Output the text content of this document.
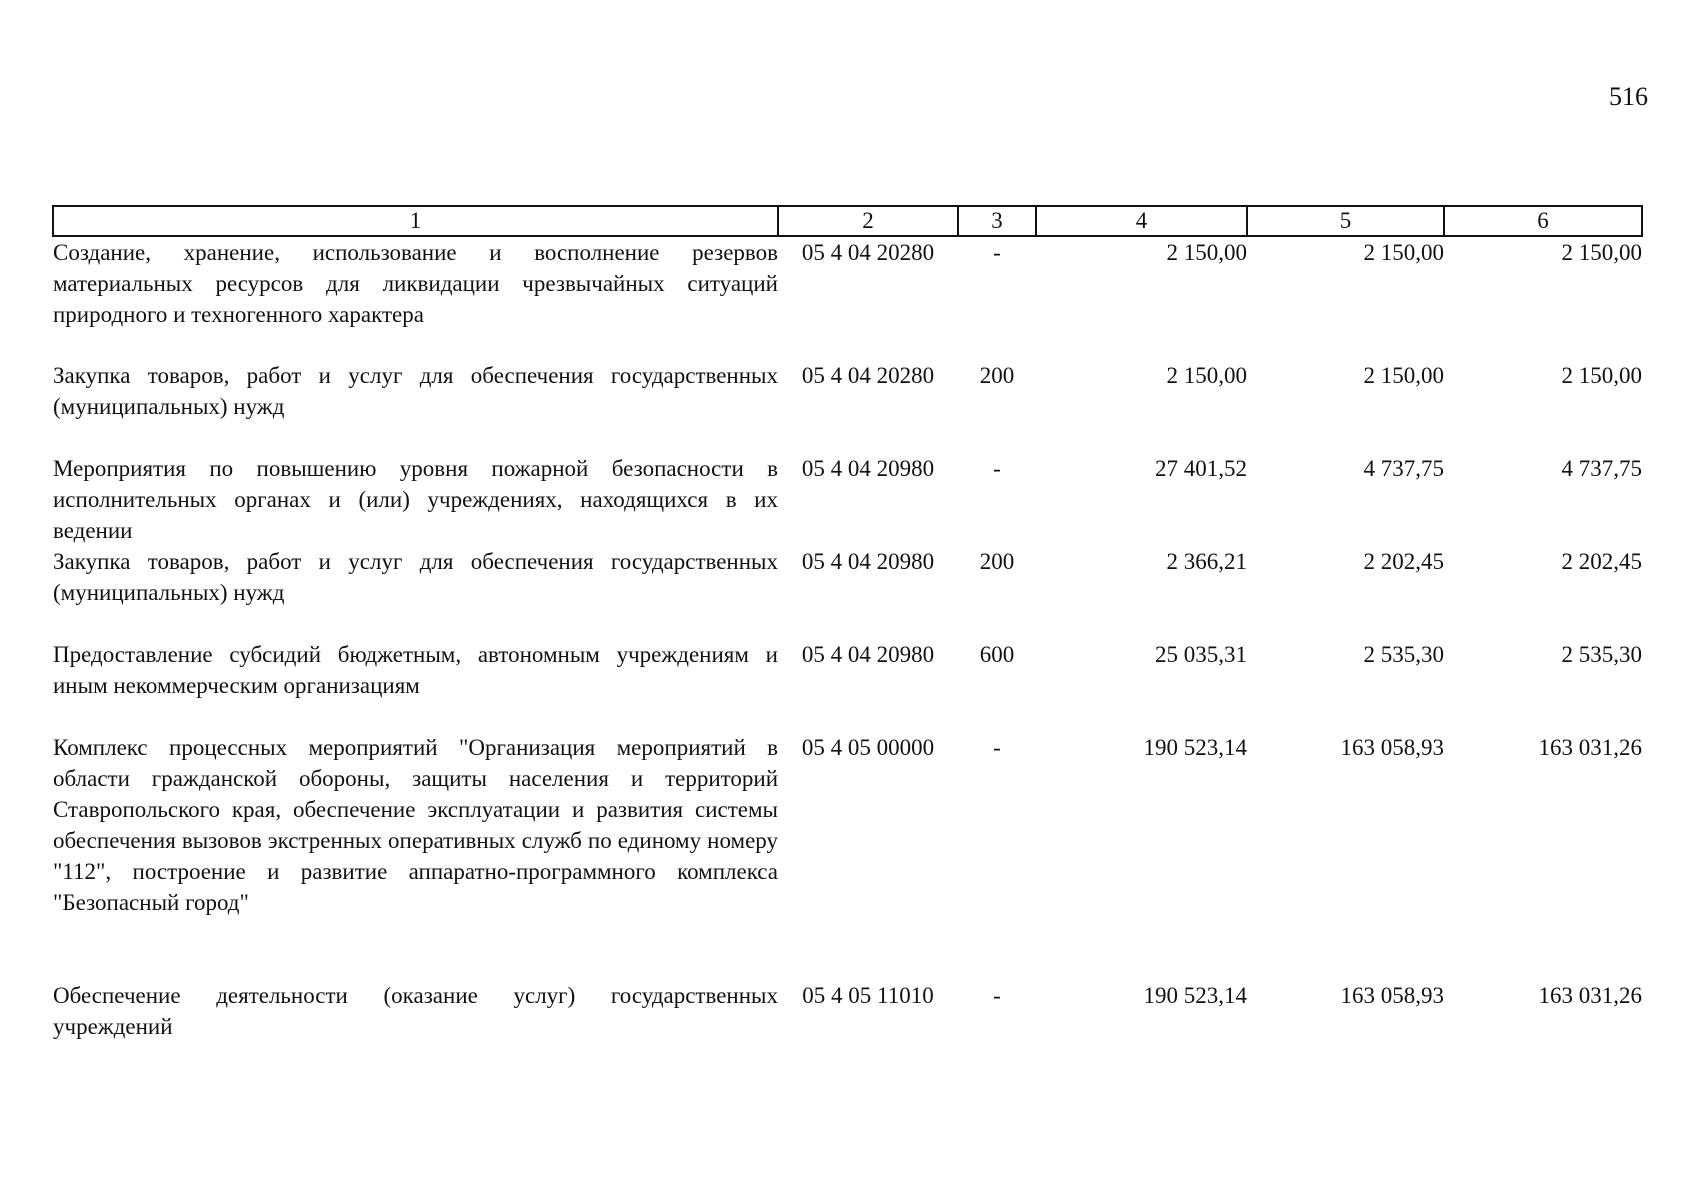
516
1	2	3	4	5	6
Создание, хранение, использование и восполнение резервов материальных ресурсов для ликвидации чрезвычайных ситуаций природного и техногенного характера	05 4 04 20280	-	2 150,00	2 150,00	2 150,00
Закупка товаров, работ и услуг для обеспечения государственных (муниципальных) нужд	05 4 04 20280	200	2 150,00	2 150,00	2 150,00
Мероприятия по повышению уровня пожарной безопасности в исполнительных органах и (или) учреждениях, находящихся в их ведении	05 4 04 20980	-	27 401,52	4 737,75	4 737,75
Закупка товаров, работ и услуг для обеспечения государственных (муниципальных) нужд	05 4 04 20980	200	2 366,21	2 202,45	2 202,45
Предоставление субсидий бюджетным, автономным учреждениям и иным некоммерческим организациям	05 4 04 20980	600	25 035,31	2 535,30	2 535,30
Комплекс процессных мероприятий "Организация мероприятий в области гражданской обороны, защиты населения и территорий Ставропольского края, обеспечение эксплуатации и развития системы обеспечения вызовов экстренных оперативных служб по единому номеру "112", построение и развитие аппаратно-программного комплекса "Безопасный город"	05 4 05 00000	-	190 523,14	163 058,93	163 031,26
Обеспечение деятельности (оказание услуг) государственных учреждений	05 4 05 11010	-	190 523,14	163 058,93	163 031,26
